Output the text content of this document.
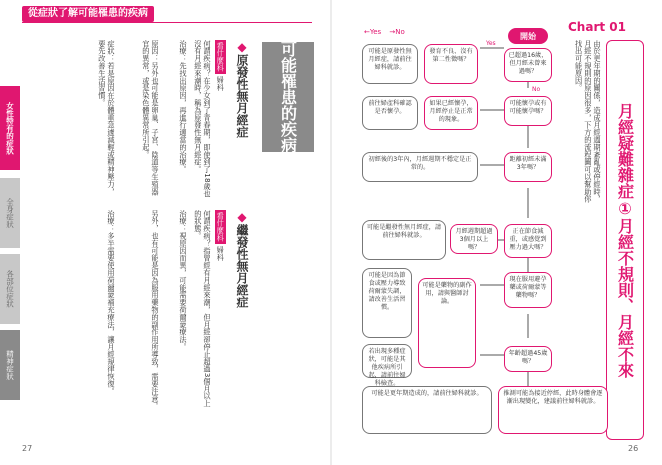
從症狀了解可能罹患的疾病
女性特有的症狀
全身症狀
各部位症狀
精神症狀
可能罹患的疾病
◆原發性無月經症
看什麼科 婦科
何謂疾病？在少女到了青春期，即使到了18歲也沒有月經來潮時，稱為原發性無月經症。
治療：先找出原因，再進行適當的治療。
原因：另外也可能是卵巢、子宮、陰道等生殖器官的異常，或是染色體異常所引起。
症狀：若是原因在於體重急遽減輕或精神壓力，要先改善生活習慣。
◆繼發性無月經症
看什麼科 婦科
何謂疾病？指曾經有月經來潮，但月經卻停止超過3個月以上的狀態。
治療：視原因而異，可能需要荷爾蒙療法。
另外，也有可能是因為服用藥物的副作用所導致，需要注意。
治療：多半需要使用荷爾蒙補充療法，讓月經規律恢復。
27
Chart 01
月經疑難雜症①月經不規則、月經不來
由於更年期的關係，造成月經週期紊亂或停經時，月經不規則的原因很多，下方的流程圖可以幫助你找出可能原因。
←Yes →No	開始
已超過16歲，但月經未曾來過嗎？
發育不良、沒有第二性徵嗎？
可能是原發性無月經症，請前往婦科就診。
可能懷孕或有可能懷孕嗎？
如果已經懷孕，月經停止是正常的現象。
前往婦產科確認是否懷孕。
距離初經未滿3年嗎？
初經後的3年內，月經週期不穩定是正常的。
月經週期超過3個月以上嗎？
正在節食減重，或感覺到壓力過大嗎？
可能是繼發性無月經症，請前往婦科就診。
現在服用避孕藥或荷爾蒙等藥物嗎？
可能是因為節食或壓力導致荷爾蒙失調，請改善生活習慣。
可能是藥物的副作用，請與醫師討論。
年齡超過45歲嗎？
可能是更年期造成的，請前往婦科就診。	推測可能為接近停經，此時身體會逐漸出現變化，建議前往婦科就診。
若出現多種症狀，可能是其他疾病所引起，請前往婦科檢查。
Yes
No
26
